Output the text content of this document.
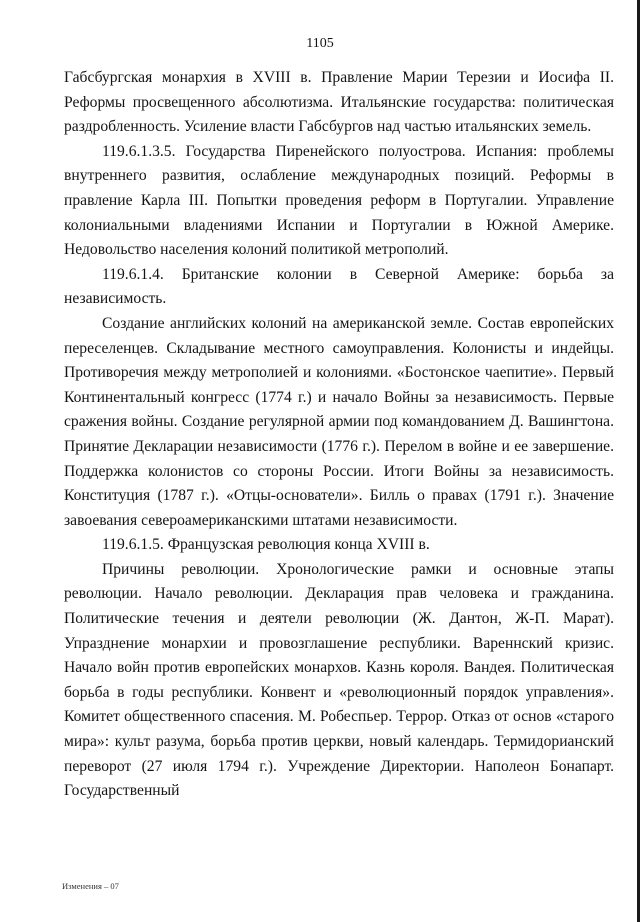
1105

Габсбургская монархия в XVIII в. Правление Марии Терезии и Иосифа II. Реформы просвещенного абсолютизма. Итальянские государства: политическая раздробленность. Усиление власти Габсбургов над частью итальянских земель.

119.6.1.3.5. Государства Пиренейского полуострова. Испания: проблемы внутреннего развития, ослабление международных позиций. Реформы в правление Карла III. Попытки проведения реформ в Португалии. Управление колониальными владениями Испании и Португалии в Южной Америке. Недовольство населения колоний политикой метрополий.

119.6.1.4. Британские колонии в Северной Америке: борьба за независимость.

Создание английских колоний на американской земле. Состав европейских переселенцев. Складывание местного самоуправления. Колонисты и индейцы. Противоречия между метрополией и колониями. «Бостонское чаепитие». Первый Континентальный конгресс (1774 г.) и начало Войны за независимость. Первые сражения войны. Создание регулярной армии под командованием Д. Вашингтона. Принятие Декларации независимости (1776 г.). Перелом в войне и ее завершение. Поддержка колонистов со стороны России. Итоги Войны за независимость. Конституция (1787 г.). «Отцы-основатели». Билль о правах (1791 г.). Значение завоевания североамериканскими штатами независимости.

119.6.1.5. Французская революция конца XVIII в.

Причины революции. Хронологические рамки и основные этапы революции. Начало революции. Декларация прав человека и гражданина. Политические течения и деятели революции (Ж. Дантон, Ж-П. Марат). Упразднение монархии и провозглашение республики. Вареннский кризис. Начало войн против европейских монархов. Казнь короля. Вандея. Политическая борьба в годы республики. Конвент и «революционный порядок управления». Комитет общественного спасения. М. Робеспьер. Террор. Отказ от основ «старого мира»: культ разума, борьба против церкви, новый календарь. Термидорианский переворот (27 июля 1794 г.). Учреждение Директории. Наполеон Бонапарт. Государственный

Изменения – 07
